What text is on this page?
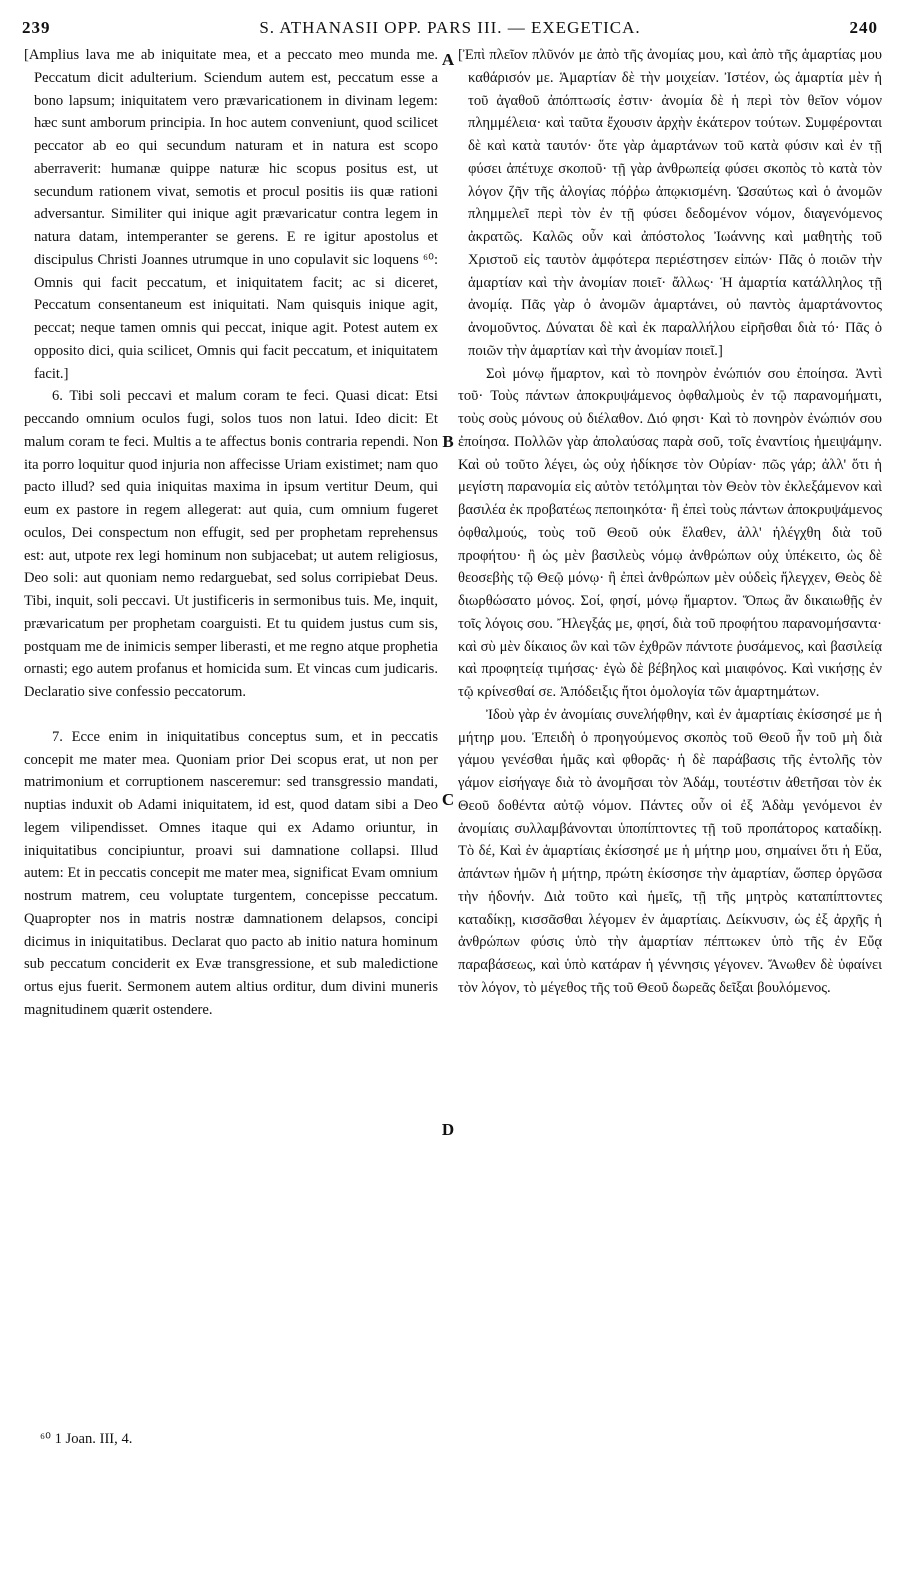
239	S. ATHANASII OPP. PARS III. — EXEGETICA.	240

[Amplius lava me ab iniquitate mea, et a peccato meo munda me. Peccatum dicit adulterium. Sciendum autem est, peccatum esse a bono lapsum; iniquitatem vero prævaricationem in divinam legem: hæc sunt amborum principia. In hoc autem conveniunt, quod scilicet peccator ab eo qui secundum naturam et in natura est scopo aberraverit: humanæ quippe naturæ hic scopus positus est, ut secundum rationem vivat, semotis et procul positis iis quæ rationi adversantur. Similiter qui inique agit prævaricatur contra legem in natura datam, intemperanter se gerens. E re igitur apostolus et discipulus Christi Joannes utrumque in uno copulavit sic loquens ⁶⁰: Omnis qui facit peccatum, et iniquitatem facit; ac si diceret, Peccatum consentaneum est iniquitati. Nam quisquis inique agit, peccat; neque tamen omnis qui peccat, inique agit. Potest autem ex opposito dici, quia scilicet, Omnis qui facit peccatum, et iniquitatem facit.]

6. Tibi soli peccavi et malum coram te feci. Quasi dicat: Etsi peccando omnium oculos fugi, solos tuos non latui. Ideo dicit: Et malum coram te feci. Multis a te affectus bonis contraria rependi. Non ita porro loquitur quod injuria non affecisse Uriam existimet; nam quo pacto illud? sed quia iniquitas maxima in ipsum vertitur Deum, qui eum ex pastore in regem allegerat: aut quia, cum omnium fugeret oculos, Dei conspectum non effugit, sed per prophetam reprehensus est: aut, utpote rex legi hominum non subjacebat; ut autem religiosus, Deo soli: aut quoniam nemo redarguebat, sed solus corripiebat Deus. Tibi, inquit, soli peccavi. Ut justificeris in sermonibus tuis. Me, inquit, prævaricatum per prophetam coarguisti. Et tu quidem justus cum sis, postquam me de inimicis semper liberasti, et me regno atque prophetia ornasti; ego autem profanus et homicida sum. Et vincas cum judicaris. Declaratio sive confessio peccatorum.

7. Ecce enim in iniquitatibus conceptus sum, et in peccatis concepit me mater mea. Quoniam prior Dei scopus erat, ut non per matrimonium et corruptionem nasceremur: sed transgressio mandati, nuptias induxit ob Adami iniquitatem, id est, quod datam sibi a Deo legem vilipendisset. Omnes itaque qui ex Adamo oriuntur, in iniquitatibus concipiuntur, proavi sui damnatione collapsi. Illud autem: Et in peccatis concepit me mater mea, significat Evam omnium nostrum matrem, ceu voluptate turgentem, concepisse peccatum. Quapropter nos in matris nostræ damnationem delapsos, concipi dicimus in iniquitatibus. Declarat quo pacto ab initio natura hominum sub peccatum conciderit ex Evæ transgressione, et sub maledictione ortus ejus fuerit. Sermonem autem altius orditur, dum divini muneris magnitudinem quærit ostendere.

A
B
C
D

[Ἐπὶ πλεῖον πλῦνόν με ἀπὸ τῆς ἀνομίας μου, καὶ ἀπὸ τῆς ἁμαρτίας μου καθάρισόν με. Ἁμαρτίαν δὲ τὴν μοιχείαν. Ἰστέον, ὡς ἁμαρτία μὲν ἡ τοῦ ἀγαθοῦ ἀπόπτωσίς ἐστιν· ἀνομία δὲ ἡ περὶ τὸν θεῖον νόμον πλημμέλεια· καὶ ταῦτα ἔχουσιν ἀρχὴν ἑκάτερον τούτων. Συμφέρονται δὲ καὶ κατὰ ταυτόν· ὅτε γὰρ ἁμαρτάνων τοῦ κατὰ φύσιν καὶ ἐν τῇ φύσει ἀπέτυχε σκοποῦ· τῇ γὰρ ἀνθρωπείᾳ φύσει σκοπὸς τὸ κατὰ τὸν λόγον ζῆν τῆς ἀλογίας πόῤῥω ἀπῳκισμένη. Ὡσαύτως καὶ ὁ ἀνομῶν πλημμελεῖ περὶ τὸν ἐν τῇ φύσει δεδομένον νόμον, διαγενόμενος ἀκρατῶς. Καλῶς οὖν καὶ ἀπόστολος Ἰωάννης καὶ μαθητὴς τοῦ Χριστοῦ εἰς ταυτὸν ἀμφότερα περιέστησεν εἰπών· Πᾶς ὁ ποιῶν τὴν ἁμαρτίαν καὶ τὴν ἀνομίαν ποιεῖ· ἄλλως· Ἡ ἁμαρτία κατάλληλος τῇ ἀνομίᾳ. Πᾶς γὰρ ὁ ἀνομῶν ἁμαρτάνει, οὐ παντὸς ἁμαρτάνοντος ἀνομοῦντος. Δύναται δὲ καὶ ἐκ παραλλήλου εἰρῆσθαι διὰ τό· Πᾶς ὁ ποιῶν τὴν ἁμαρτίαν καὶ τὴν ἀνομίαν ποιεῖ.]

Σοὶ μόνῳ ἥμαρτον, καὶ τὸ πονηρὸν ἐνώπιόν σου ἐποίησα. Ἀντὶ τοῦ· Τοὺς πάντων ἀποκρυψάμενος ὀφθαλμοὺς ἐν τῷ παρανομήματι, τοὺς σοὺς μόνους οὐ διέλαθον. Διό φησι· Καὶ τὸ πονηρὸν ἐνώπιόν σου ἐποίησα. Πολλῶν γὰρ ἀπολαύσας παρὰ σοῦ, τοῖς ἐναντίοις ἠμειψάμην. Καὶ οὐ τοῦτο λέγει, ὡς οὐχ ἠδίκησε τὸν Οὐρίαν· πῶς γάρ; ἀλλ' ὅτι ἡ μεγίστη παρανομία εἰς αὐτὸν τετόλμηται τὸν Θεὸν τὸν ἐκλεξάμενον καὶ βασιλέα ἐκ προβατέως πεποιηκότα· ἢ ἐπεὶ τοὺς πάντων ἀποκρυψάμενος ὀφθαλμούς, τοὺς τοῦ Θεοῦ οὐκ ἔλαθεν, ἀλλ' ἠλέγχθη διὰ τοῦ προφήτου· ἢ ὡς μὲν βασιλεὺς νόμῳ ἀνθρώπων οὐχ ὑπέκειτο, ὡς δὲ θεοσεβὴς τῷ Θεῷ μόνῳ· ἢ ἐπεὶ ἀνθρώπων μὲν οὐδεὶς ἤλεγχεν, Θεὸς δὲ διωρθώσατο μόνος. Σοί, φησί, μόνῳ ἥμαρτον. Ὅπως ἂν δικαιωθῇς ἐν τοῖς λόγοις σου. Ἤλεγξάς με, φησί, διὰ τοῦ προφήτου παρανομήσαντα· καὶ σὺ μὲν δίκαιος ὢν καὶ τῶν ἐχθρῶν πάντοτε ῥυσάμενος, καὶ βασιλείᾳ καὶ προφητείᾳ τιμήσας· ἐγὼ δὲ βέβηλος καὶ μιαιφόνος. Καὶ νικήσῃς ἐν τῷ κρίνεσθαί σε. Ἀπόδειξις ἤτοι ὁμολογία τῶν ἁμαρτημάτων.

Ἰδοὺ γὰρ ἐν ἀνομίαις συνελήφθην, καὶ ἐν ἁμαρτίαις ἐκίσσησέ με ἡ μήτηρ μου. Ἐπειδὴ ὁ προηγούμενος σκοπὸς τοῦ Θεοῦ ἦν τοῦ μὴ διὰ γάμου γενέσθαι ἡμᾶς καὶ φθορᾶς· ἡ δὲ παράβασις τῆς ἐντολῆς τὸν γάμον εἰσήγαγε διὰ τὸ ἀνομῆσαι τὸν Ἀδάμ, τουτέστιν ἀθετῆσαι τὸν ἐκ Θεοῦ δοθέντα αὐτῷ νόμον. Πάντες οὖν οἱ ἐξ Ἀδὰμ γενόμενοι ἐν ἀνομίαις συλλαμβάνονται ὑποπίπτοντες τῇ τοῦ προπάτορος καταδίκῃ. Τὸ δέ, Καὶ ἐν ἁμαρτίαις ἐκίσσησέ με ἡ μήτηρ μου, σημαίνει ὅτι ἡ Εὔα, ἁπάντων ἡμῶν ἡ μήτηρ, πρώτη ἐκίσσησε τὴν ἁμαρτίαν, ὥσπερ ὀργῶσα τὴν ἡδονήν. Διὰ τοῦτο καὶ ἡμεῖς, τῇ τῆς μητρὸς καταπίπτοντες καταδίκῃ, κισσᾶσθαι λέγομεν ἐν ἁμαρτίαις. Δείκνυσιν, ὡς ἐξ ἀρχῆς ἡ ἀνθρώπων φύσις ὑπὸ τὴν ἁμαρτίαν πέπτωκεν ὑπὸ τῆς ἐν Εὔᾳ παραβάσεως, καὶ ὑπὸ κατάραν ἡ γέννησις γέγονεν. Ἄνωθεν δὲ ὑφαίνει τὸν λόγον, τὸ μέγεθος τῆς τοῦ Θεοῦ δωρεᾶς δεῖξαι βουλόμενος.

⁶⁰ 1 Joan. III, 4.
